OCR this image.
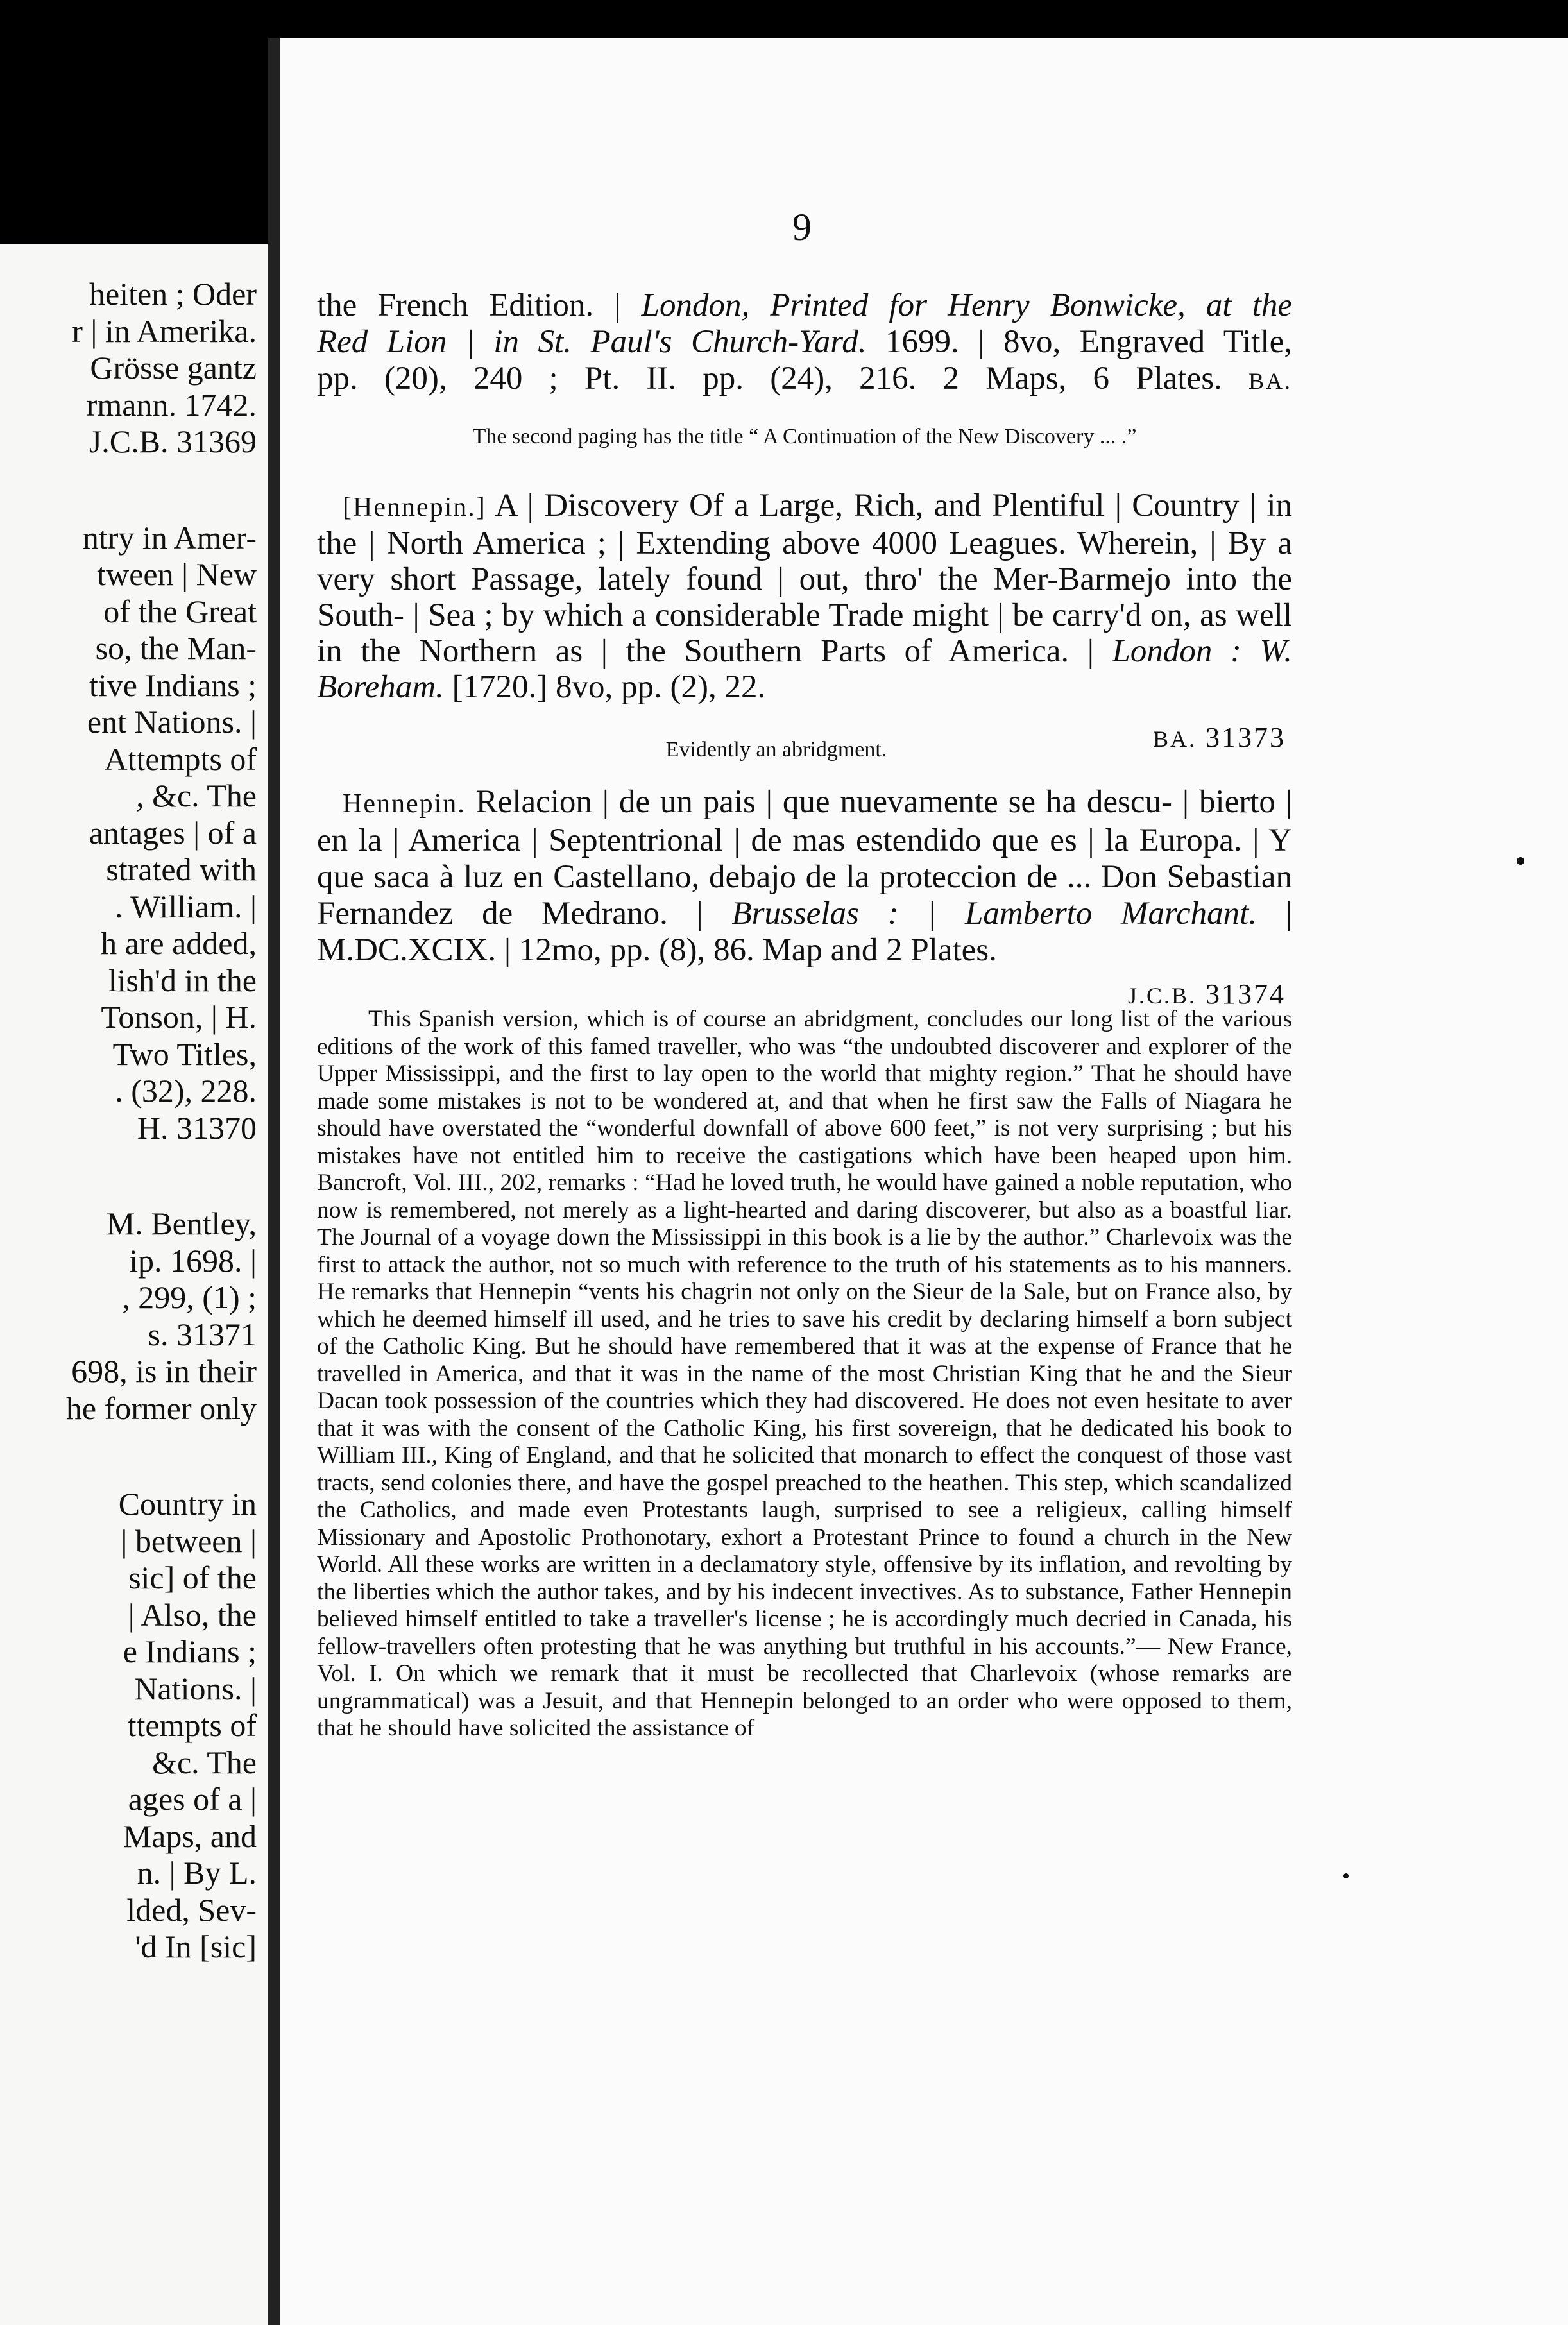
heiten ; Oder
r | in Amerika.
Grösse gantz
rmann. 1742.
J.C.B. 31369
ntry in Amer-
tween | New
of the Great
so, the Man-
tive Indians ;
ent Nations. |
Attempts of
, &c. The
antages | of a
strated with
. William. |
h are added,
lish'd in the
Tonson, | H.
Two Titles,
. (32), 228.
H. 31370
M. Bentley,
ip. 1698. |
, 299, (1) ;
s. 31371
698, is in their
he former only
Country in
| between |
sic] of the
| Also, the
e Indians ;
Nations. |
ttempts of
&c. The
ages of a |
Maps, and
n. | By L.
lded, Sev-
'd In [sic]
9

the French Edition. | London, Printed for Henry Bonwicke, at the

Red Lion | in St. Paul's Church-Yard. 1699. | 8vo, Engraved Title,

pp. (20), 240 ; Pt. II. pp. (24), 216. 2 Maps, 6 Plates. BA.

The second paging has the title “ A Continuation of the New Discovery ... .”

[Hennepin.] A | Discovery Of a Large, Rich, and Plentiful | Country | in the | North America ; | Extending above 4000 Leagues. Wherein, | By a very short Passage, lately found | out, thro' the Mer-Barmejo into the South- | Sea ; by which a considerable Trade might | be carry'd on, as well in the Northern as | the Southern Parts of America. | London : W. Boreham. [1720.] 8vo, pp. (2), 22.

BA. 31373
Evidently an abridgment.

Hennepin. Relacion | de un pais | que nuevamente se ha descu- | bierto | en la | America | Septentrional | de mas estendido que es | la Europa. | Y que saca à luz en Castellano, debajo de la proteccion de ... Don Sebastian Fernandez de Medrano. | Brusselas : | Lamberto Marchant. | M.DC.XCIX. | 12mo, pp. (8), 86. Map and 2 Plates.

J.C.B. 31374

This Spanish version, which is of course an abridgment, concludes our long list of the various editions of the work of this famed traveller, who was “the undoubted discoverer and explorer of the Upper Mississippi, and the first to lay open to the world that mighty region.” That he should have made some mistakes is not to be wondered at, and that when he first saw the Falls of Niagara he should have overstated the “wonderful downfall of above 600 feet,” is not very surprising ; but his mistakes have not entitled him to receive the castigations which have been heaped upon him. Bancroft, Vol. III., 202, remarks : “Had he loved truth, he would have gained a noble reputation, who now is remembered, not merely as a light-hearted and daring discoverer, but also as a boastful liar. The Journal of a voyage down the Mississippi in this book is a lie by the author.” Charlevoix was the first to attack the author, not so much with reference to the truth of his statements as to his manners. He remarks that Hennepin “vents his chagrin not only on the Sieur de la Sale, but on France also, by which he deemed himself ill used, and he tries to save his credit by declaring himself a born subject of the Catholic King. But he should have remembered that it was at the expense of France that he travelled in America, and that it was in the name of the most Christian King that he and the Sieur Dacan took possession of the countries which they had discovered. He does not even hesitate to aver that it was with the consent of the Catholic King, his first sovereign, that he dedicated his book to William III., King of England, and that he solicited that monarch to effect the conquest of those vast tracts, send colonies there, and have the gospel preached to the heathen. This step, which scandalized the Catholics, and made even Protestants laugh, surprised to see a religieux, calling himself Missionary and Apostolic Prothonotary, exhort a Protestant Prince to found a church in the New World. All these works are written in a declamatory style, offensive by its inflation, and revolting by the liberties which the author takes, and by his indecent invectives. As to substance, Father Hennepin believed himself entitled to take a traveller's license ; he is accordingly much decried in Canada, his fellow-travellers often protesting that he was anything but truthful in his accounts.”— New France, Vol. I. On which we remark that it must be recollected that Charlevoix (whose remarks are ungrammatical) was a Jesuit, and that Hennepin belonged to an order who were opposed to them, that he should have solicited the assistance of
